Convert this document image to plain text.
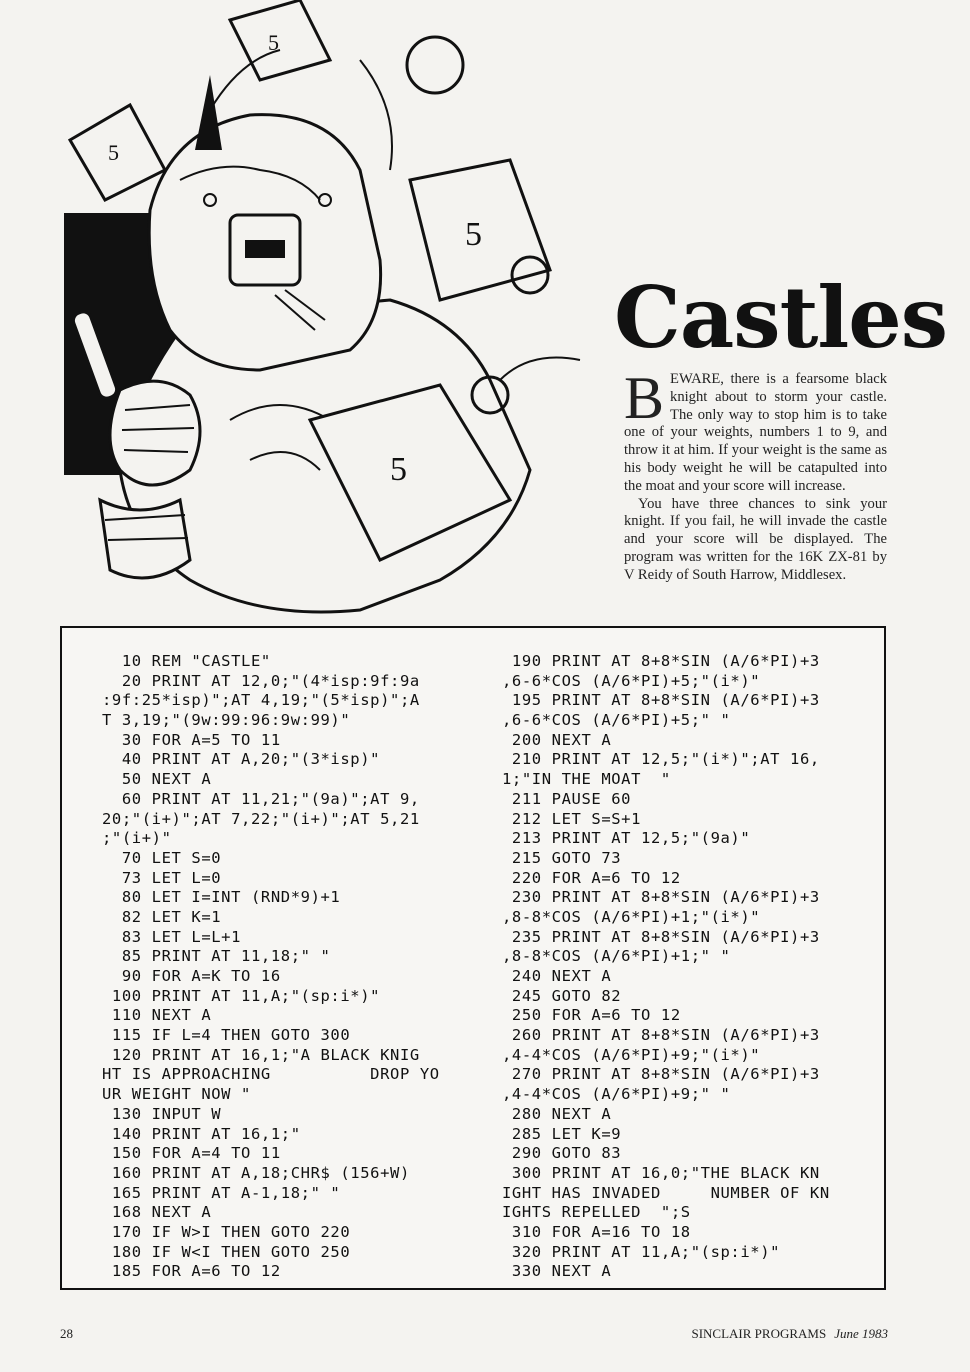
5
5
5
5
Castles

BEWARE, there is a fearsome black knight about to storm your castle. The only way to stop him is to take one of your weights, numbers 1 to 9, and throw it at him. If your weight is the same as his body weight he will be catapulted into the moat and your score will increase.

You have three chances to sink your knight. If you fail, he will invade the castle and your score will be displayed. The program was written for the 16K ZX-81 by V Reidy of South Harrow, Middlesex.

10 REM "CASTLE"
20 PRINT AT 12,0;"(4*isp:9f:9a
:9f:25*isp)";AT 4,19;"(5*isp)";A
T 3,19;"(9w:99:96:9w:99)"
30 FOR A=5 TO 11
40 PRINT AT A,20;"(3*isp)"
50 NEXT A
60 PRINT AT 11,21;"(9a)";AT 9,
20;"(i+)";AT 7,22;"(i+)";AT 5,21
;"(i+)"
70 LET S=0
73 LET L=0
80 LET I=INT (RND*9)+1
82 LET K=1
83 LET L=L+1
85 PRINT AT 11,18;" "
90 FOR A=K TO 16
100 PRINT AT 11,A;"(sp:i*)"
110 NEXT A
115 IF L=4 THEN GOTO 300
120 PRINT AT 16,1;"A BLACK KNIG
HT IS APPROACHING          DROP YO
UR WEIGHT NOW "
130 INPUT W
140 PRINT AT 16,1;"
150 FOR A=4 TO 11
160 PRINT AT A,18;CHR$ (156+W)
165 PRINT AT A-1,18;" "
168 NEXT A
170 IF W>I THEN GOTO 220
180 IF W<I THEN GOTO 250
185 FOR A=6 TO 12
190 PRINT AT 8+8*SIN (A/6*PI)+3
,6-6*COS (A/6*PI)+5;"(i*)"
195 PRINT AT 8+8*SIN (A/6*PI)+3
,6-6*COS (A/6*PI)+5;" "
200 NEXT A
210 PRINT AT 12,5;"(i*)";AT 16,
1;"IN THE MOAT  "
211 PAUSE 60
212 LET S=S+1
213 PRINT AT 12,5;"(9a)"
215 GOTO 73
220 FOR A=6 TO 12
230 PRINT AT 8+8*SIN (A/6*PI)+3
,8-8*COS (A/6*PI)+1;"(i*)"
235 PRINT AT 8+8*SIN (A/6*PI)+3
,8-8*COS (A/6*PI)+1;" "
240 NEXT A
245 GOTO 82
250 FOR A=6 TO 12
260 PRINT AT 8+8*SIN (A/6*PI)+3
,4-4*COS (A/6*PI)+9;"(i*)"
270 PRINT AT 8+8*SIN (A/6*PI)+3
,4-4*COS (A/6*PI)+9;" "
280 NEXT A
285 LET K=9
290 GOTO 83
300 PRINT AT 16,0;"THE BLACK KN
IGHT HAS INVADED     NUMBER OF KN
IGHTS REPELLED  ";S
310 FOR A=16 TO 18
320 PRINT AT 11,A;"(sp:i*)"
330 NEXT A
28	SINCLAIR PROGRAMS June 1983
